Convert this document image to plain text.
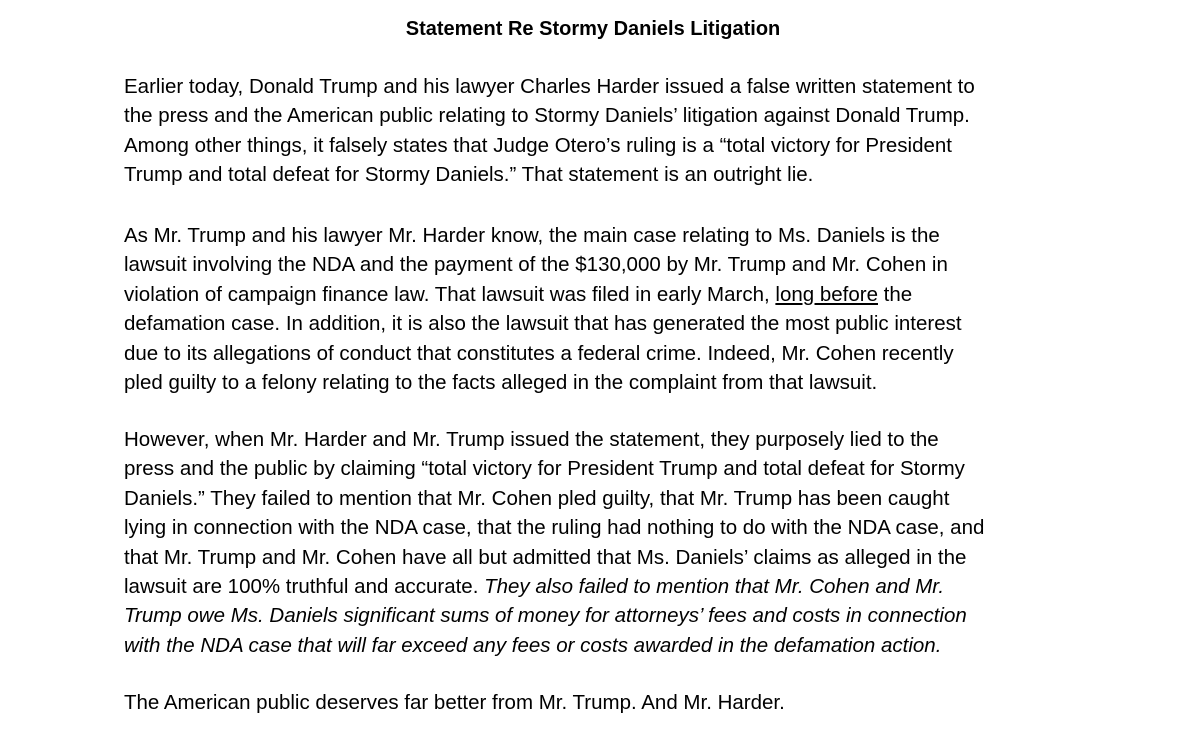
Statement Re Stormy Daniels Litigation
Earlier today, Donald Trump and his lawyer Charles Harder issued a false written statement to
the press and the American public relating to Stormy Daniels’ litigation against Donald Trump.
Among other things, it falsely states that Judge Otero’s ruling is a “total victory for President
Trump and total defeat for Stormy Daniels.” That statement is an outright lie.
As Mr. Trump and his lawyer Mr. Harder know, the main case relating to Ms. Daniels is the
lawsuit involving the NDA and the payment of the $130,000 by Mr. Trump and Mr. Cohen in
violation of campaign finance law. That lawsuit was filed in early March, long before the
defamation case. In addition, it is also the lawsuit that has generated the most public interest
due to its allegations of conduct that constitutes a federal crime. Indeed, Mr. Cohen recently
pled guilty to a felony relating to the facts alleged in the complaint from that lawsuit.
However, when Mr. Harder and Mr. Trump issued the statement, they purposely lied to the
press and the public by claiming “total victory for President Trump and total defeat for Stormy
Daniels.” They failed to mention that Mr. Cohen pled guilty, that Mr. Trump has been caught
lying in connection with the NDA case, that the ruling had nothing to do with the NDA case, and
that Mr. Trump and Mr. Cohen have all but admitted that Ms. Daniels’ claims as alleged in the
lawsuit are 100% truthful and accurate. They also failed to mention that Mr. Cohen and Mr.
Trump owe Ms. Daniels significant sums of money for attorneys’ fees and costs in connection
with the NDA case that will far exceed any fees or costs awarded in the defamation action.
The American public deserves far better from Mr. Trump. And Mr. Harder.
